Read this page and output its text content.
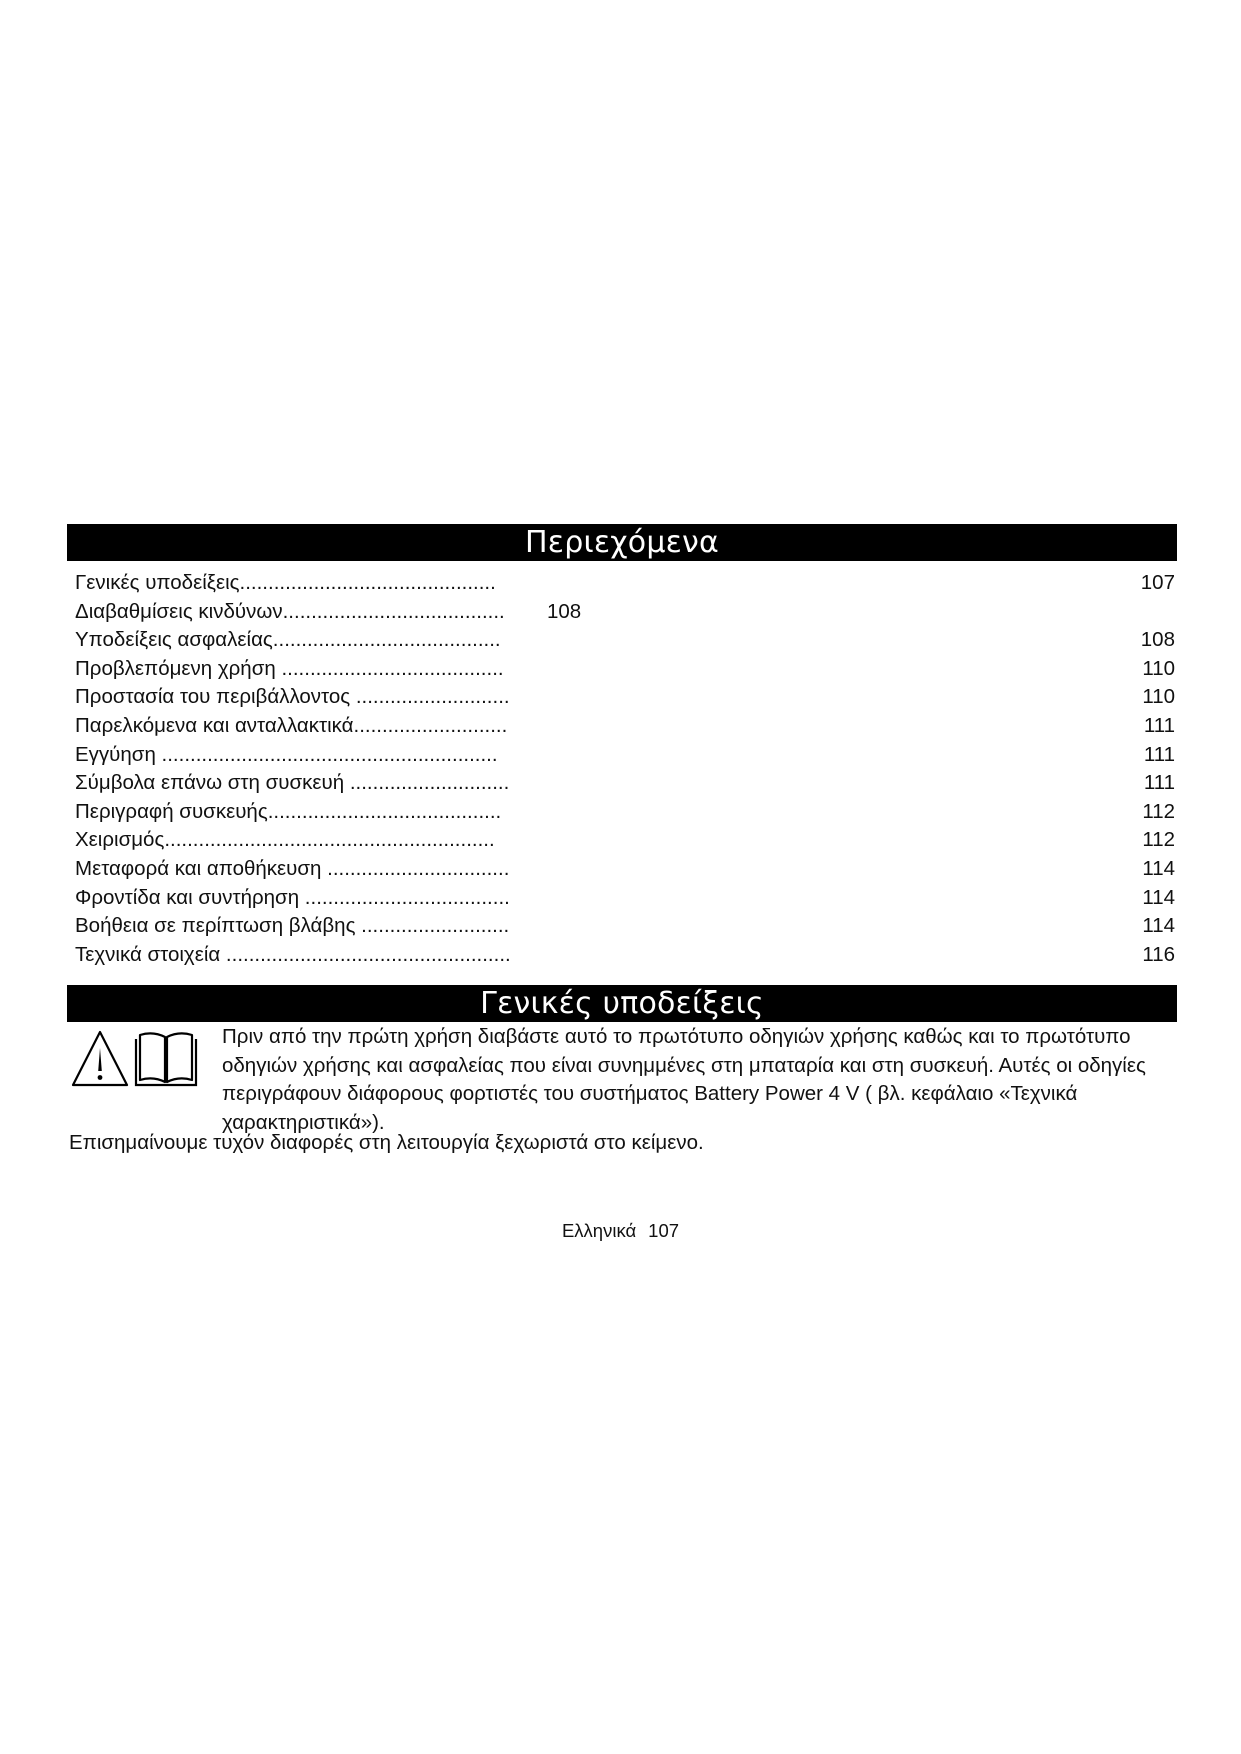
Περιεχόμενα
Γενικές υποδείξεις.............................................	107
Διαβαθμίσεις κινδύνων....................................... 108
Υποδείξεις ασφαλείας........................................	108
Προβλεπόμενη χρήση .......................................	110
Προστασία του περιβάλλοντος ...........................	110
Παρελκόμενα και ανταλλακτικά...........................	111
Εγγύηση ...........................................................	111
Σύμβολα επάνω στη συσκευή ............................	111
Περιγραφή συσκευής.........................................	112
Χειρισμός..........................................................	112
Μεταφορά και αποθήκευση ................................	114
Φροντίδα και συντήρηση ....................................	114
Βοήθεια σε περίπτωση βλάβης ..........................	114
Τεχνικά στοιχεία ..................................................	116
Γενικές υποδείξεις

Πριν από την πρώτη χρήση διαβάστε αυτό το πρωτότυπο οδηγιών χρήσης καθώς και το πρωτότυπο οδηγιών χρήσης και ασφαλείας που είναι συνημμένες στη μπαταρία και στη συσκευή. Αυτές οι οδηγίες περιγράφουν διάφορους φορτιστές του συστήματος Battery Power 4 V ( βλ. κεφάλαιο «Τεχνικά χαρακτηριστικά»).

Επισημαίνουμε τυχόν διαφορές στη λειτουργία ξεχωριστά στο κείμενο.

Ελληνικά 107
